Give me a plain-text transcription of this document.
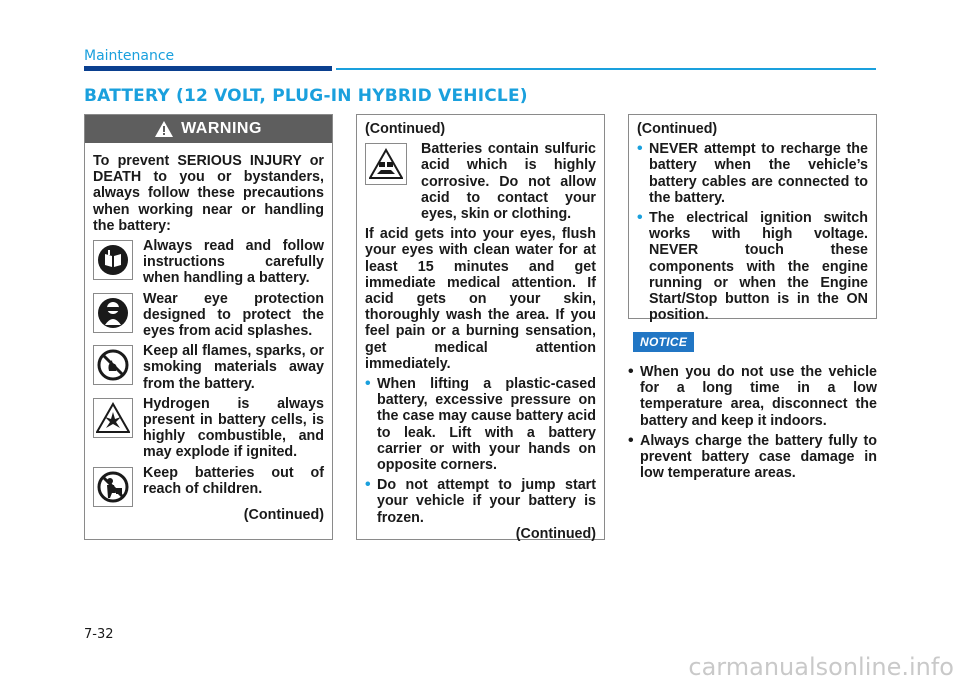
Maintenance
BATTERY (12 VOLT, PLUG-IN HYBRID VEHICLE)
WARNING

To prevent SERIOUS INJURY or DEATH to you or bystanders, always follow these precautions when working near or handling the battery:

Always read and follow instructions carefully when handling a battery.
Wear eye protection designed to protect the eyes from acid splashes.
Keep all flames, sparks, or smoking materials away from the battery.
Hydrogen is always present in battery cells, is highly combustible, and may explode if ignited.
Keep batteries out of reach of children.

(Continued)

(Continued)

Batteries contain sulfuric acid which is highly corrosive. Do not allow acid to contact your eyes, skin or clothing.

If acid gets into your eyes, flush your eyes with clean water for at least 15 minutes and get immediate medical attention. If acid gets on your skin, thoroughly wash the area. If you feel pain or a burning sensation, get medical attention immediately.

• When lifting a plastic-cased battery, excessive pressure on the case may cause battery acid to leak. Lift with a battery carrier or with your hands on opposite corners.
• Do not attempt to jump start your vehicle if your battery is frozen.

(Continued)

(Continued)

• NEVER attempt to recharge the battery when the vehicle’s battery cables are connected to the battery.
• The electrical ignition switch works with high voltage. NEVER touch these components with the engine running or when the Engine Start/Stop button is in the ON position.
NOTICE
• When you do not use the vehicle for a long time in a low temperature area, disconnect the battery and keep it indoors.
• Always charge the battery fully to prevent battery case damage in low temperature areas.
7-32
carmanualsonline.info
